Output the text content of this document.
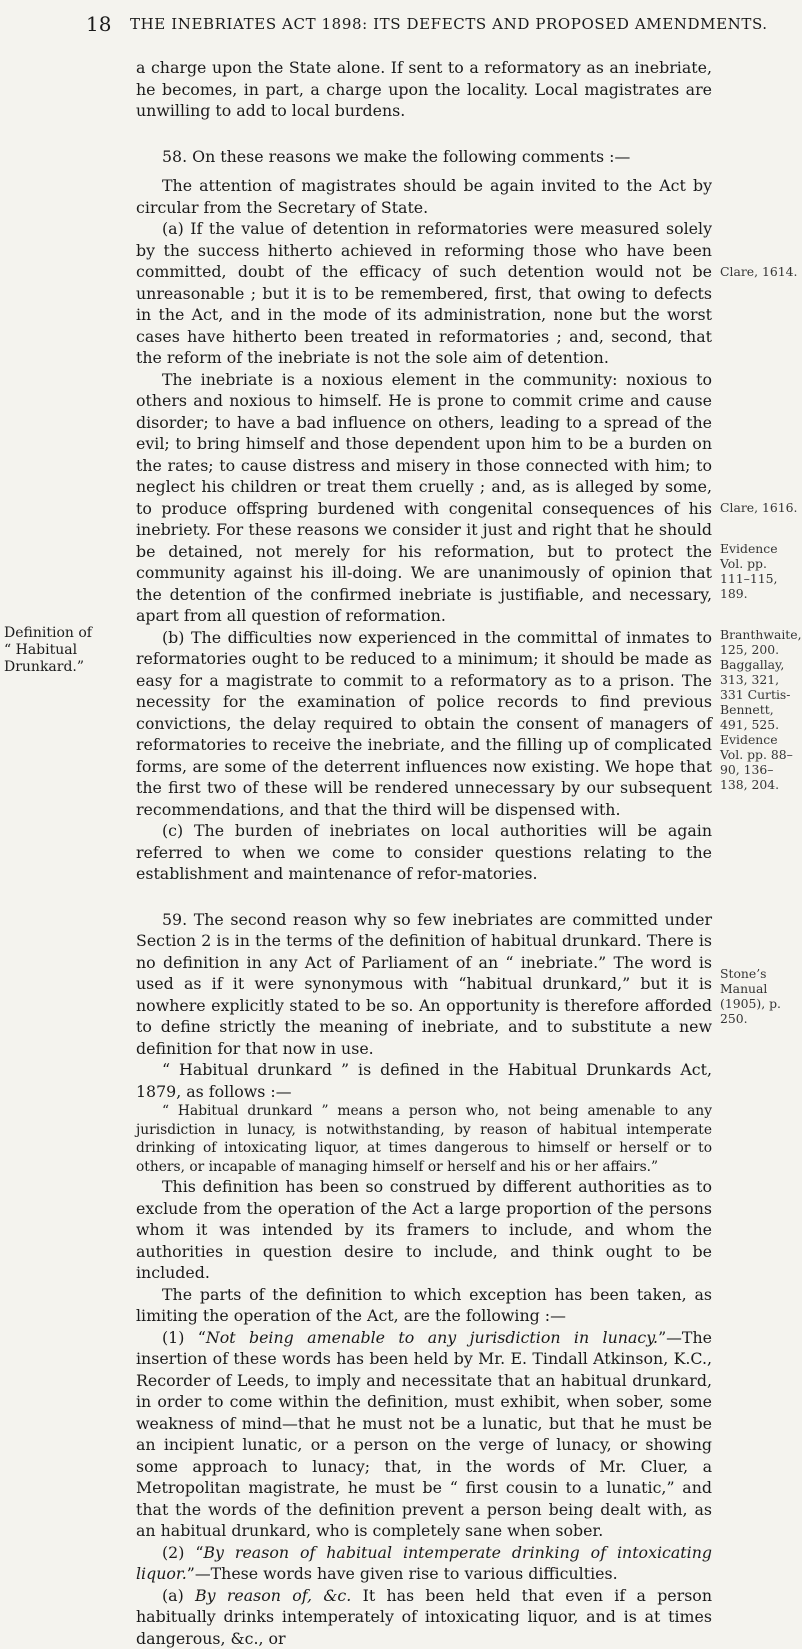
18 THE INEBRIATES ACT 1898: ITS DEFECTS AND PROPOSED AMENDMENTS.

a charge upon the State alone. If sent to a reformatory as an inebriate, he becomes, in part, a charge upon the locality. Local magistrates are unwilling to add to local burdens.

58. On these reasons we make the following comments :—

The attention of magistrates should be again invited to the Act by circular from the Secretary of State.

(a) If the value of detention in reformatories were measured solely by the success hitherto achieved in reforming those who have been committed, doubt of the efficacy of such detention would not be unreasonable ; but it is to be remembered, first, that owing to defects in the Act, and in the mode of its administration, none but the worst cases have hitherto been treated in reformatories ; and, second, that the reform of the inebriate is not the sole aim of detention.

The inebriate is a noxious element in the community: noxious to others and noxious to himself. He is prone to commit crime and cause disorder; to have a bad influence on others, leading to a spread of the evil; to bring himself and those dependent upon him to be a burden on the rates; to cause distress and misery in those connected with him; to neglect his children or treat them cruelly ; and, as is alleged by some, to produce offspring burdened with congenital consequences of his inebriety. For these reasons we consider it just and right that he should be detained, not merely for his reformation, but to protect the community against his ill-doing. We are unanimously of opinion that the detention of the confirmed inebriate is justifiable, and necessary, apart from all question of reformation.

(b) The difficulties now experienced in the committal of inmates to reformatories ought to be reduced to a minimum; it should be made as easy for a magistrate to commit to a reformatory as to a prison. The necessity for the examination of police records to find previous convictions, the delay required to obtain the consent of managers of reformatories to receive the inebriate, and the filling up of complicated forms, are some of the deterrent influences now existing. We hope that the first two of these will be rendered unnecessary by our subsequent recommendations, and that the third will be dispensed with.

(c) The burden of inebriates on local authorities will be again referred to when we come to consider questions relating to the establishment and maintenance of refor-matories.

59. The second reason why so few inebriates are committed under Section 2 is in the terms of the definition of habitual drunkard. There is no definition in any Act of Parliament of an “ inebriate.” The word is used as if it were synonymous with “habitual drunkard,” but it is nowhere explicitly stated to be so. An opportunity is therefore afforded to define strictly the meaning of inebriate, and to substitute a new definition for that now in use.

“ Habitual drunkard ” is defined in the Habitual Drunkards Act, 1879, as follows :—

“ Habitual drunkard ” means a person who, not being amenable to any jurisdiction in lunacy, is notwithstanding, by reason of habitual intemperate drinking of intoxicating liquor, at times dangerous to himself or herself or to others, or incapable of managing himself or herself and his or her affairs.”

This definition has been so construed by different authorities as to exclude from the operation of the Act a large proportion of the persons whom it was intended by its framers to include, and whom the authorities in question desire to include, and think ought to be included.

The parts of the definition to which exception has been taken, as limiting the operation of the Act, are the following :—

(1) “Not being amenable to any jurisdiction in lunacy.”—The insertion of these words has been held by Mr. E. Tindall Atkinson, K.C., Recorder of Leeds, to imply and necessitate that an habitual drunkard, in order to come within the definition, must exhibit, when sober, some weakness of mind—that he must not be a lunatic, but that he must be an incipient lunatic, or a person on the verge of lunacy, or showing some approach to lunacy; that, in the words of Mr. Cluer, a Metropolitan magistrate, he must be “ first cousin to a lunatic,” and that the words of the definition prevent a person being dealt with, as an habitual drunkard, who is completely sane when sober.

(2) “By reason of habitual intemperate drinking of intoxicating liquor.”—These words have given rise to various difficulties.

(a) By reason of, &c. It has been held that even if a person habitually drinks intemperately of intoxicating liquor, and is at times dangerous, &c., or

Definition of “ Habitual Drunkard.”
Clare, 1614.
Clare, 1616.
Evidence Vol. pp. 111–115, 189.
Branthwaite, 125, 200. Baggallay, 313, 321, 331 Curtis-Bennett, 491, 525. Evidence Vol. pp. 88–90, 136–138, 204.
Stone’s Manual (1905), p. 250.
